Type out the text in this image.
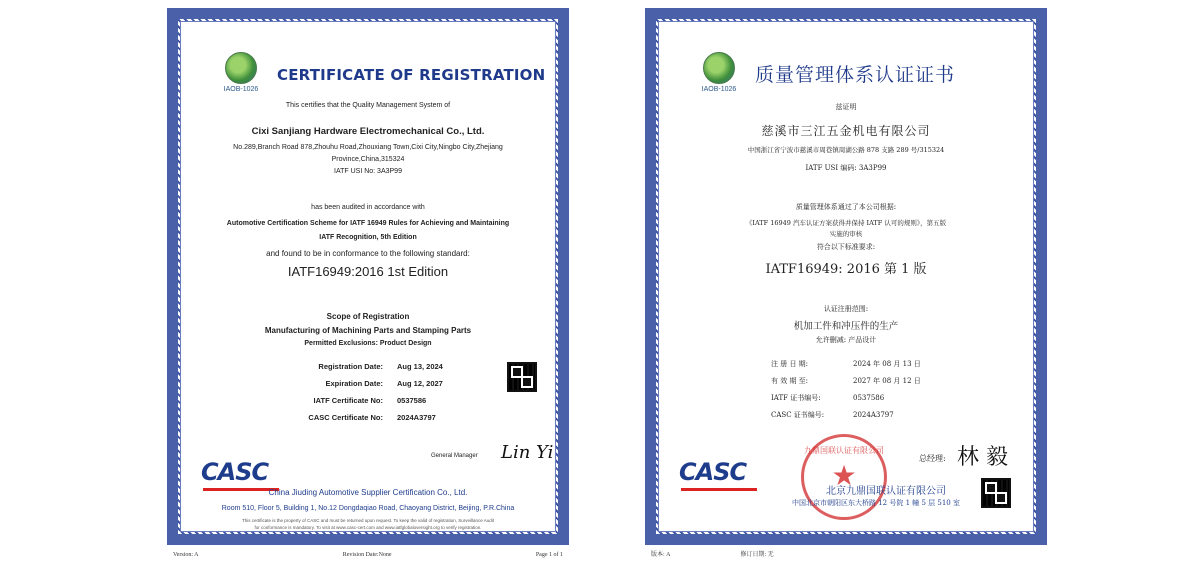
IAOB-1026
CERTIFICATE OF REGISTRATION
This certifies that the Quality Management System of
Cixi Sanjiang Hardware Electromechanical Co., Ltd.
No.289,Branch Road 878,Zhouhu Road,Zhouxiang Town,Cixi City,Ningbo City,Zhejiang
Province,China,315324
IATF USI No: 3A3P99
has been audited in accordance with
Automotive Certification Scheme for IATF 16949 Rules for Achieving and Maintaining
IATF Recognition, 5th Edition
and found to be in conformance to the following standard:
IATF16949:2016 1st Edition
Scope of Registration
Manufacturing of Machining Parts and Stamping Parts
Permitted Exclusions: Product Design
Registration Date: Aug 13, 2024
Expiration Date: Aug 12, 2027
IATF Certificate No: 0537586
CASC Certificate No: 2024A3797
General Manager Lin Yi
CASC
China Jiuding Automotive Supplier Certification Co., Ltd.
Room 510, Floor 5, Building 1, No.12 Dongdaqiao Road, Chaoyang District, Beijing, P.R.China
This certificate is the property of CASC and must be returned upon request. To keep the valid of registration, Surveillance Audit
for conformance is mandatory. To visit at www.casc-cert.com and www.iatfglobaloversight.org to verify registration.
Version: A	Revision Date:None	Page 1 of 1
IAOB-1026
质量管理体系认证证书
兹证明
慈溪市三江五金机电有限公司
中国浙江省宁波市慈溪市周巷镇周湖公路 878 支路 289 号/315324
IATF USI 编码: 3A3P99
质量管理体系通过了本公司根据:
《IATF 16949 汽车认证方案获得并保持 IATF 认可的规则》，第五版
实施的审核
符合以下标准要求:
IATF16949: 2016 第 1 版
认证注册范围:
机加工件和冲压件的生产
允许删减: 产品设计
注 册 日 期:	2024 年 08 月 13 日
有 效 期 至:	2027 年 08 月 12 日
IATF 证书编号:	0537586
CASC 证书编号:	2024A3797
九鼎国联认证有限公司
★
总经理: 林 毅
CASC
北京九鼎国联认证有限公司
中国北京市朝阳区东大桥路 12 号院 1 幢 5 层 510 室
版本: A	修订日期: 无
